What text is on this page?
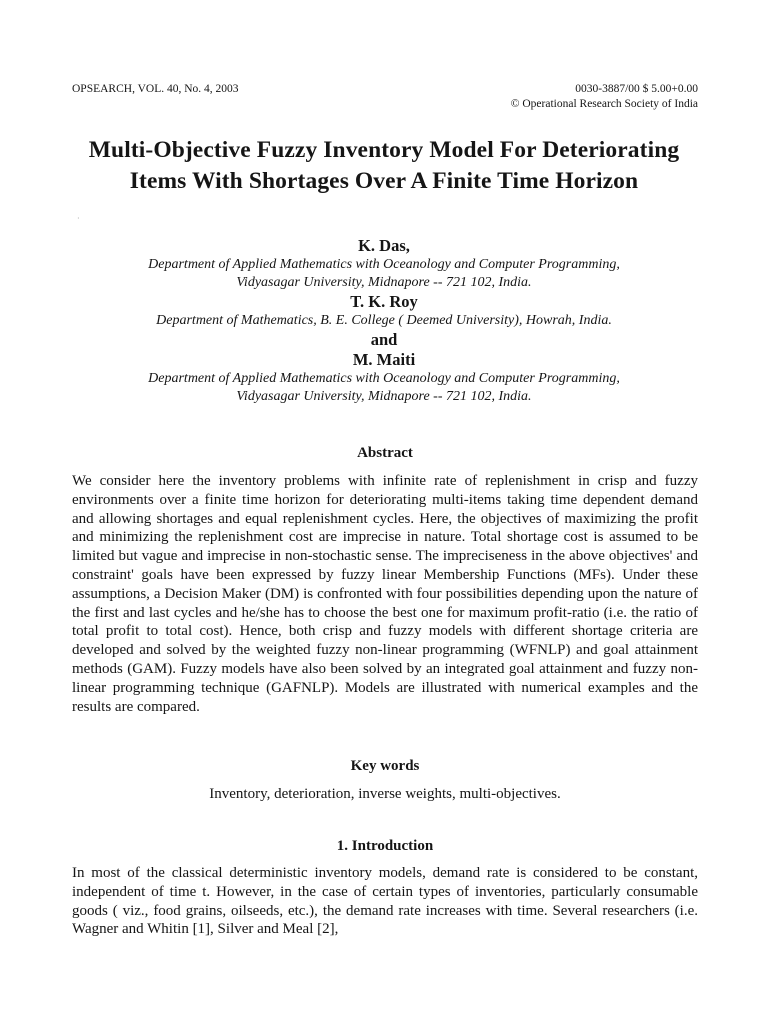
OPSEARCH, VOL. 40, No. 4, 2003	0030-3887/00 $ 5.00+0.00
© Operational Research Society of India
Multi-Objective Fuzzy Inventory Model For Deteriorating Items With Shortages Over A Finite Time Horizon
·
K. Das,
Department of Applied Mathematics with Oceanology and Computer Programming,
Vidyasagar University, Midnapore -- 721 102, India.
T. K. Roy
Department of Mathematics, B. E. College ( Deemed University), Howrah, India.
and
M. Maiti
Department of Applied Mathematics with Oceanology and Computer Programming,
Vidyasagar University, Midnapore -- 721 102, India.
Abstract
We consider here the inventory problems with infinite rate of replenishment in crisp and fuzzy environments over a finite time horizon for deteriorating multi-items taking time dependent demand and allowing shortages and equal replenishment cycles. Here, the objectives of maximizing the profit and minimizing the replenishment cost are imprecise in nature. Total shortage cost is assumed to be limited but vague and imprecise in non-stochastic sense. The impreciseness in the above objectives' and constraint' goals have been expressed by fuzzy linear Membership Functions (MFs). Under these assumptions, a Decision Maker (DM) is confronted with four possibilities depending upon the nature of the first and last cycles and he/she has to choose the best one for maximum profit-ratio (i.e. the ratio of total profit to total cost). Hence, both crisp and fuzzy models with different shortage criteria are developed and solved by the weighted fuzzy non-linear programming (WFNLP) and goal attainment methods (GAM). Fuzzy models have also been solved by an integrated goal attainment and fuzzy non-linear programming technique (GAFNLP). Models are illustrated with numerical examples and the results are compared.
Key words
Inventory, deterioration, inverse weights, multi-objectives.
1. Introduction
In most of the classical deterministic inventory models, demand rate is considered to be constant, independent of time t. However, in the case of certain types of inventories, particularly consumable goods ( viz., food grains, oilseeds, etc.), the demand rate increases with time. Several researchers (i.e. Wagner and Whitin [1], Silver and Meal [2],
